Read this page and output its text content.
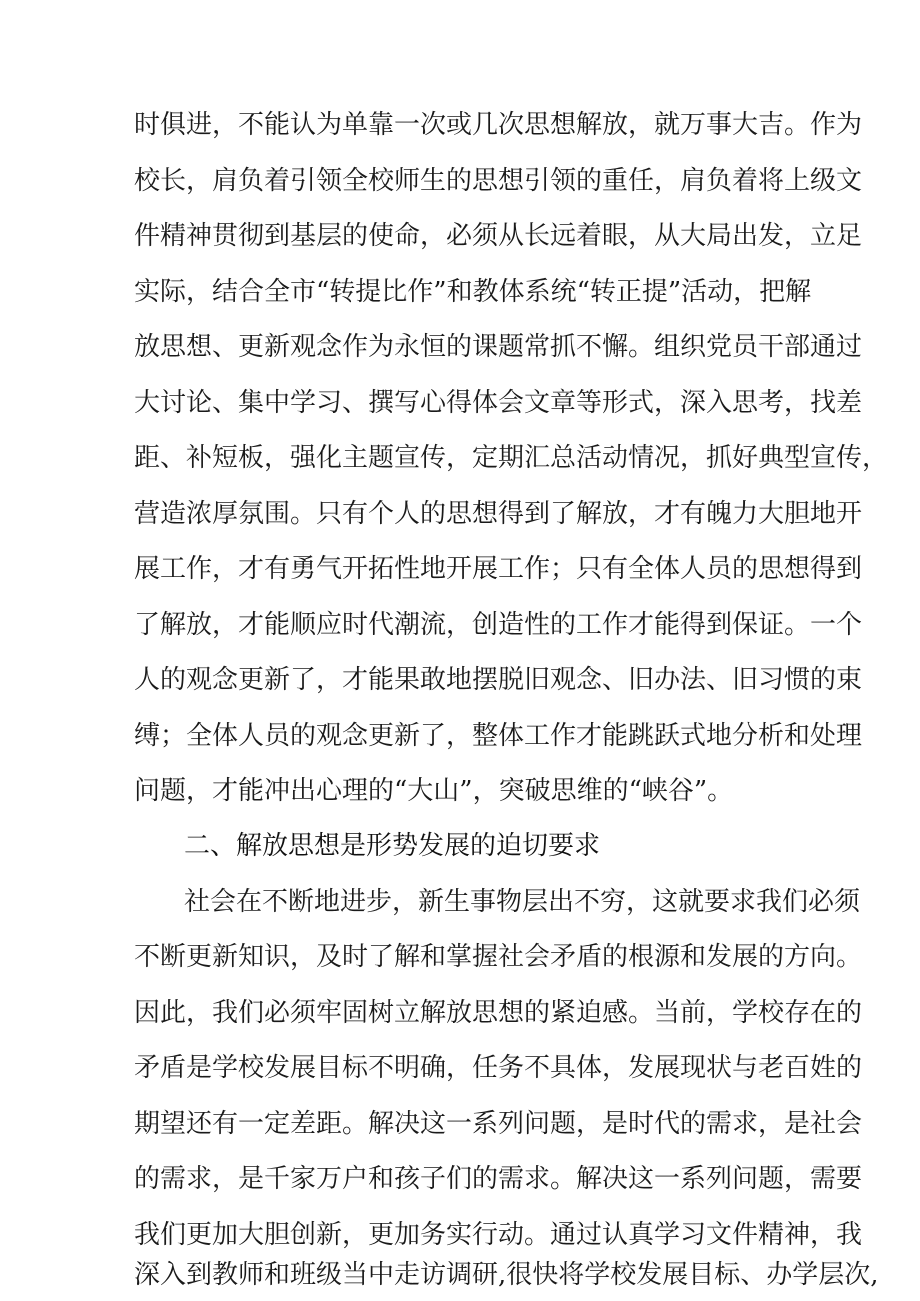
时俱进，不能认为单靠一次或几次思想解放，就万事大吉。作为
校长，肩负着引领全校师生的思想引领的重任，肩负着将上级文
件精神贯彻到基层的使命，必须从长远着眼，从大局出发，立足
实际，结合全市“转提比作”和教体系统“转正提”活动，把解
放思想、更新观念作为永恒的课题常抓不懈。组织党员干部通过
大讨论、集中学习、撰写心得体会文章等形式，深入思考，找差
距、补短板，强化主题宣传，定期汇总活动情况，抓好典型宣传，
营造浓厚氛围。只有个人的思想得到了解放，才有魄力大胆地开
展工作，才有勇气开拓性地开展工作；只有全体人员的思想得到
了解放，才能顺应时代潮流，创造性的工作才能得到保证。一个
人的观念更新了，才能果敢地摆脱旧观念、旧办法、旧习惯的束
缚；全体人员的观念更新了，整体工作才能跳跃式地分析和处理
问题，才能冲出心理的“大山”，突破思维的“峡谷”。
二、解放思想是形势发展的迫切要求
社会在不断地进步，新生事物层出不穷，这就要求我们必须
不断更新知识，及时了解和掌握社会矛盾的根源和发展的方向。
因此，我们必须牢固树立解放思想的紧迫感。当前，学校存在的
矛盾是学校发展目标不明确，任务不具体，发展现状与老百姓的
期望还有一定差距。解决这一系列问题，是时代的需求，是社会
的需求，是千家万户和孩子们的需求。解决这一系列问题，需要
我们更加大胆创新，更加务实行动。通过认真学习文件精神，我
深入到教师和班级当中走访调研,很快将学校发展目标、办学层次,
